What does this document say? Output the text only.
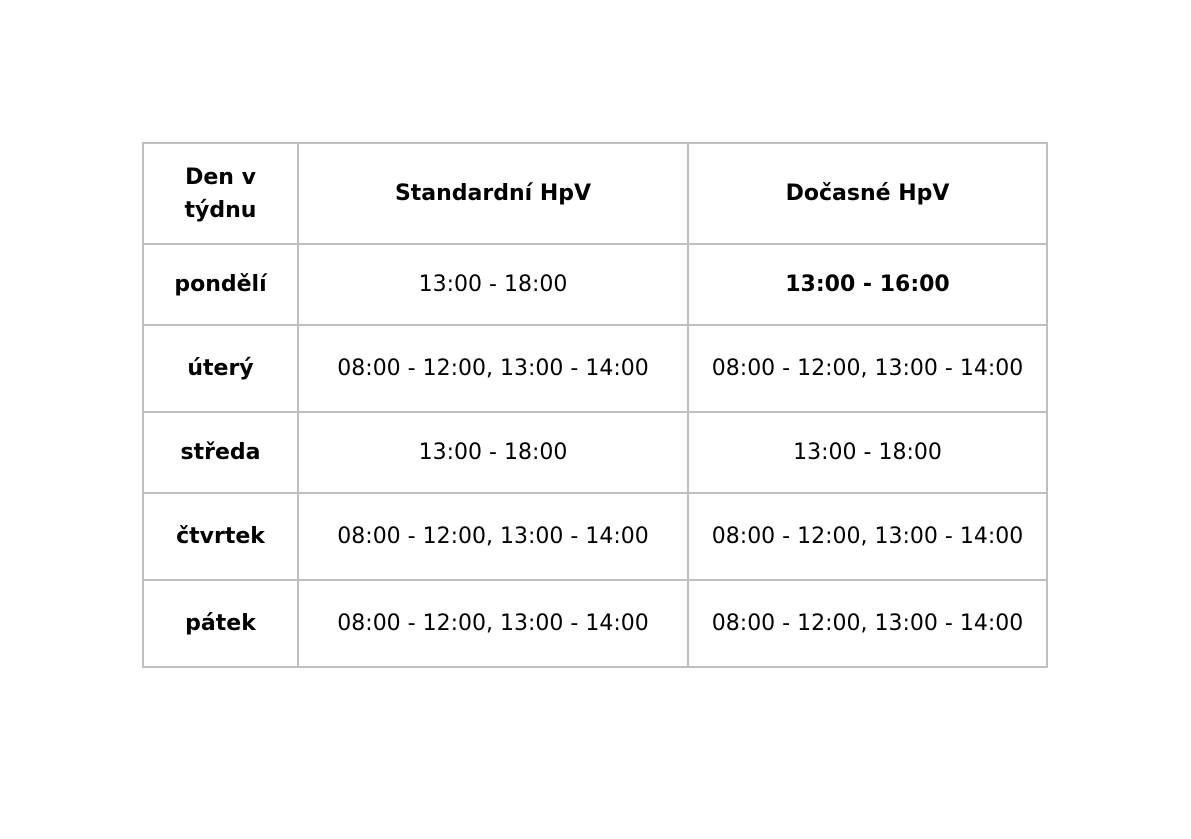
Den v týdnu	Standardní HpV	Dočasné HpV
pondělí	13:00 - 18:00	13:00 - 16:00
úterý	08:00 - 12:00, 13:00 - 14:00	08:00 - 12:00, 13:00 - 14:00
středa	13:00 - 18:00	13:00 - 18:00
čtvrtek	08:00 - 12:00, 13:00 - 14:00	08:00 - 12:00, 13:00 - 14:00
pátek	08:00 - 12:00, 13:00 - 14:00	08:00 - 12:00, 13:00 - 14:00
